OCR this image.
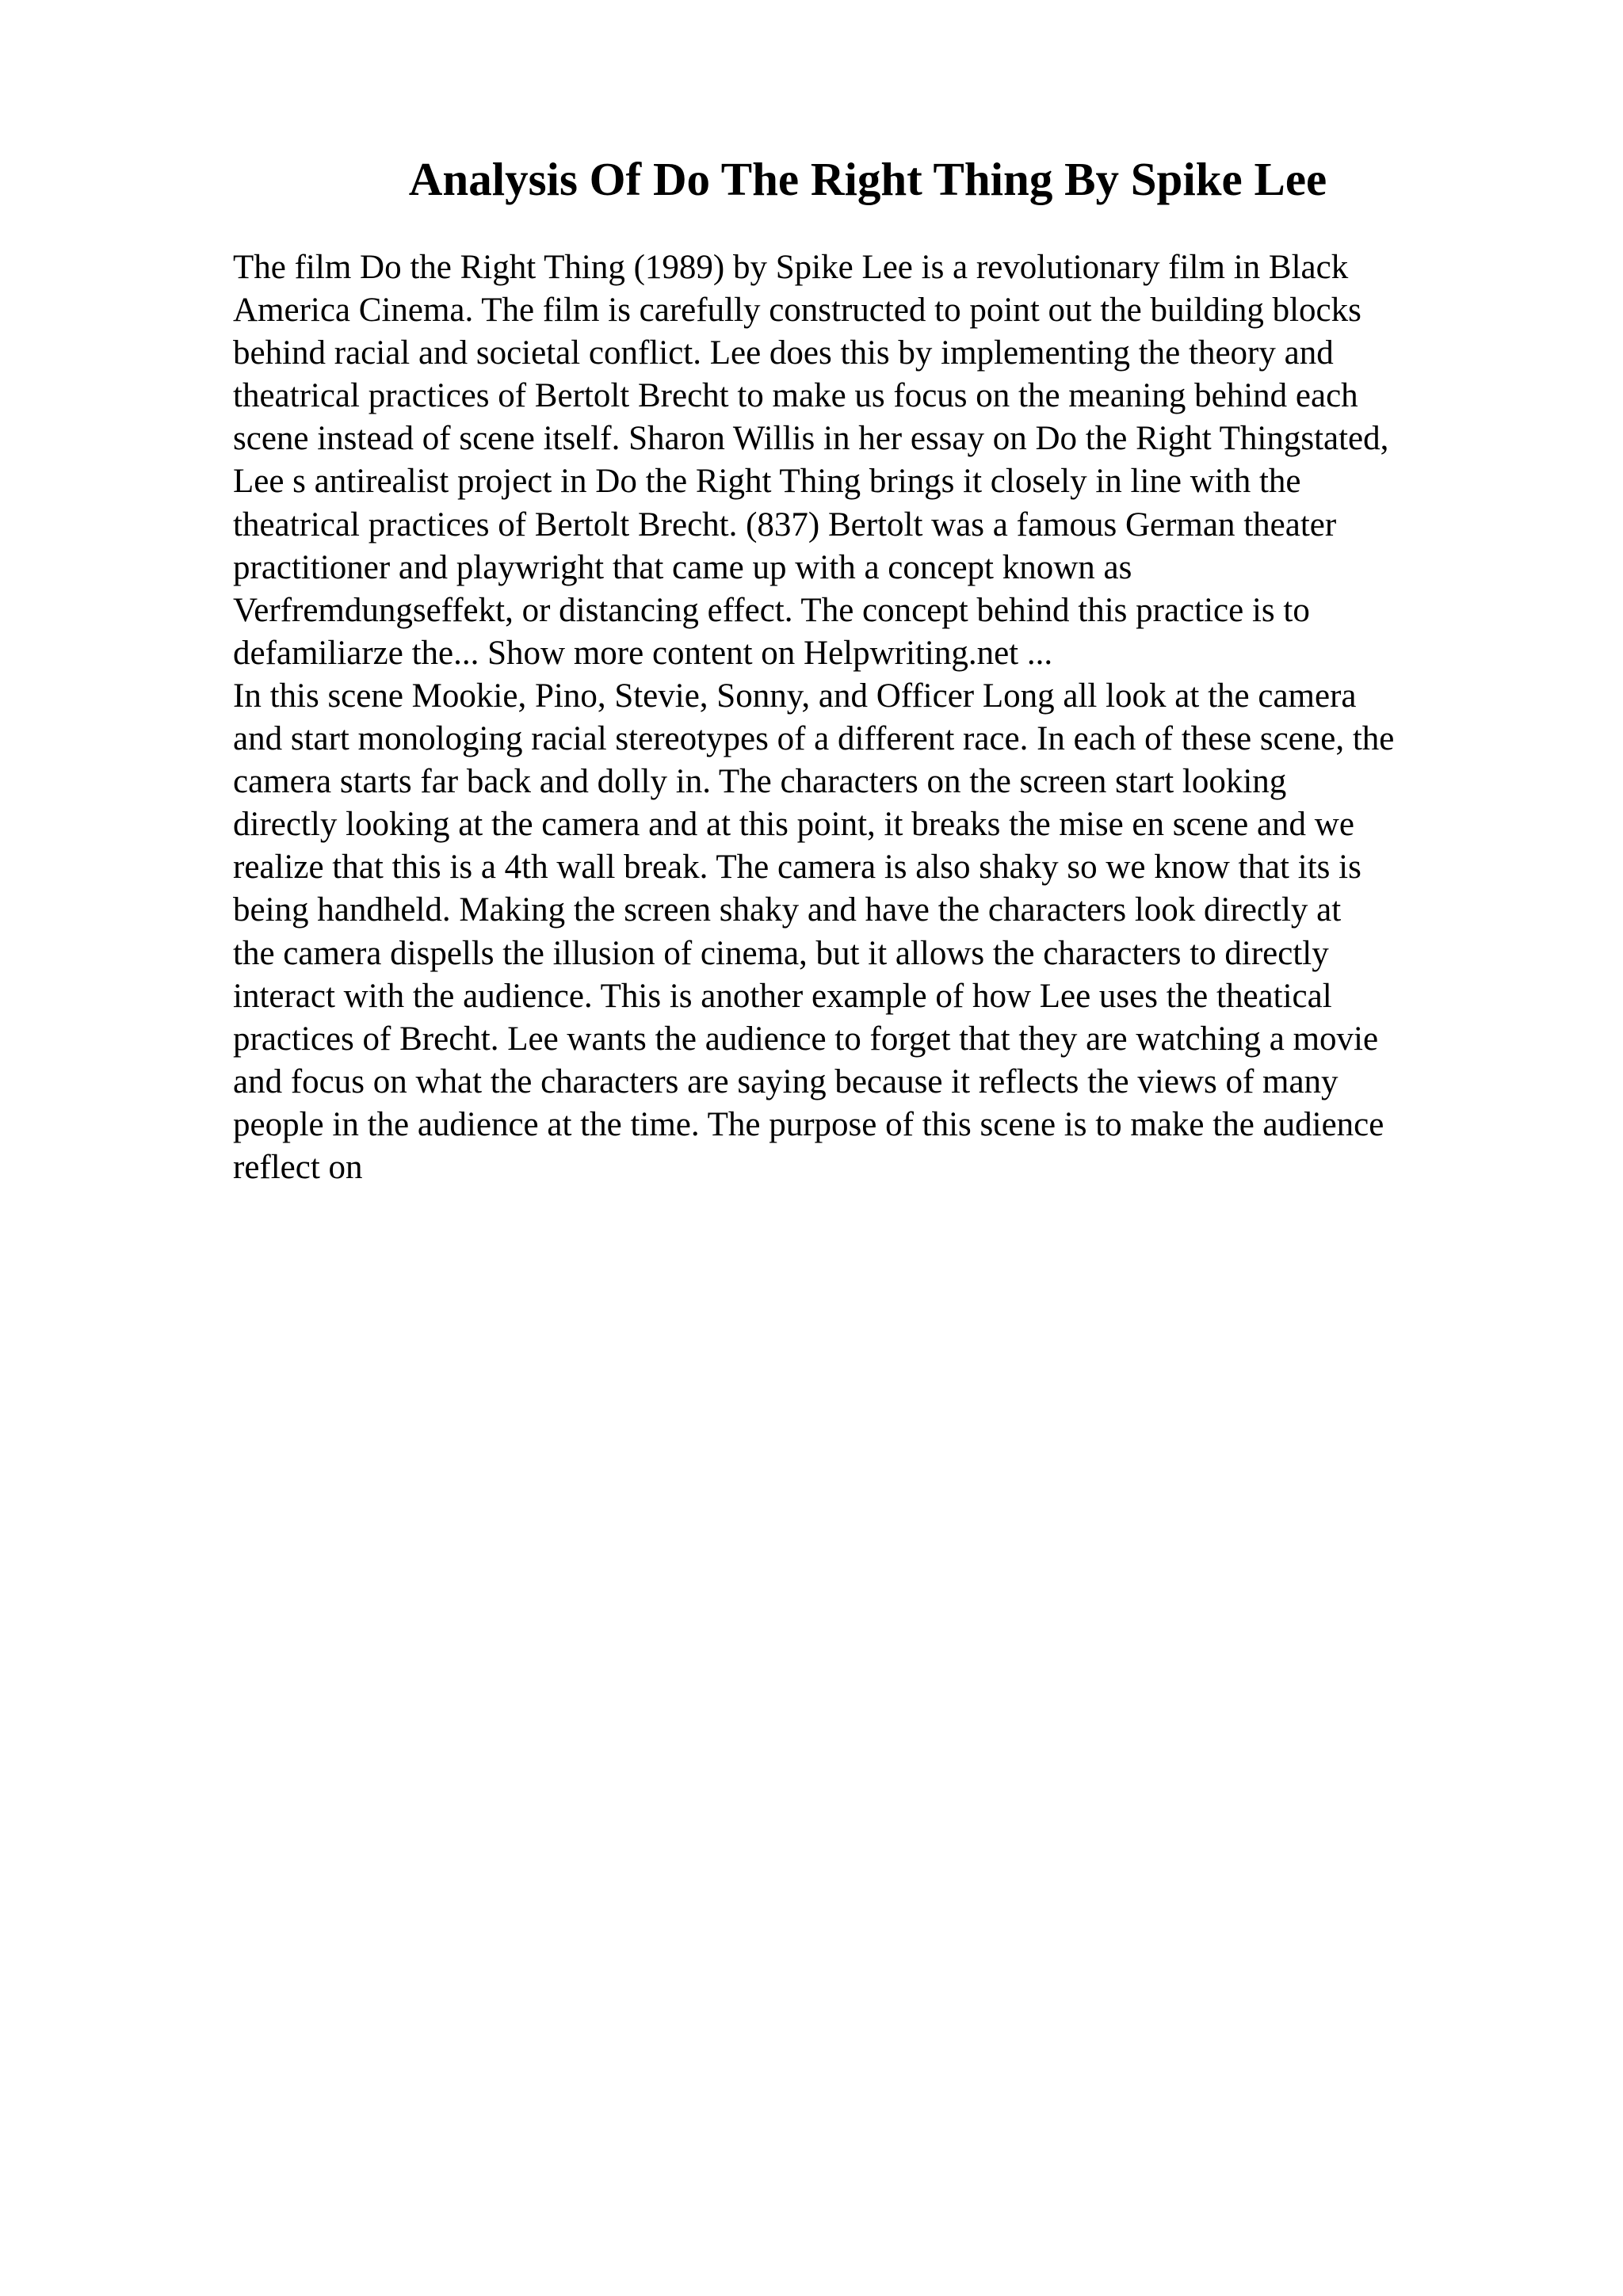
Analysis Of Do The Right Thing By Spike Lee
The film Do the Right Thing (1989) by Spike Lee is a revolutionary film in Black
America Cinema. The film is carefully constructed to point out the building blocks
behind racial and societal conflict. Lee does this by implementing the theory and
theatrical practices of Bertolt Brecht to make us focus on the meaning behind each
scene instead of scene itself. Sharon Willis in her essay on Do the Right Thingstated,
Lee s antirealist project in Do the Right Thing brings it closely in line with the
theatrical practices of Bertolt Brecht. (837) Bertolt was a famous German theater
practitioner and playwright that came up with a concept known as
Verfremdungseffekt, or distancing effect. The concept behind this practice is to
defamiliarze the... Show more content on Helpwriting.net ...
In this scene Mookie, Pino, Stevie, Sonny, and Officer Long all look at the camera
and start monologing racial stereotypes of a different race. In each of these scene, the
camera starts far back and dolly in. The characters on the screen start looking
directly looking at the camera and at this point, it breaks the mise en scene and we
realize that this is a 4th wall break. The camera is also shaky so we know that its is
being handheld. Making the screen shaky and have the characters look directly at
the camera dispells the illusion of cinema, but it allows the characters to directly
interact with the audience. This is another example of how Lee uses the theatical
practices of Brecht. Lee wants the audience to forget that they are watching a movie
and focus on what the characters are saying because it reflects the views of many
people in the audience at the time. The purpose of this scene is to make the audience
reflect on
